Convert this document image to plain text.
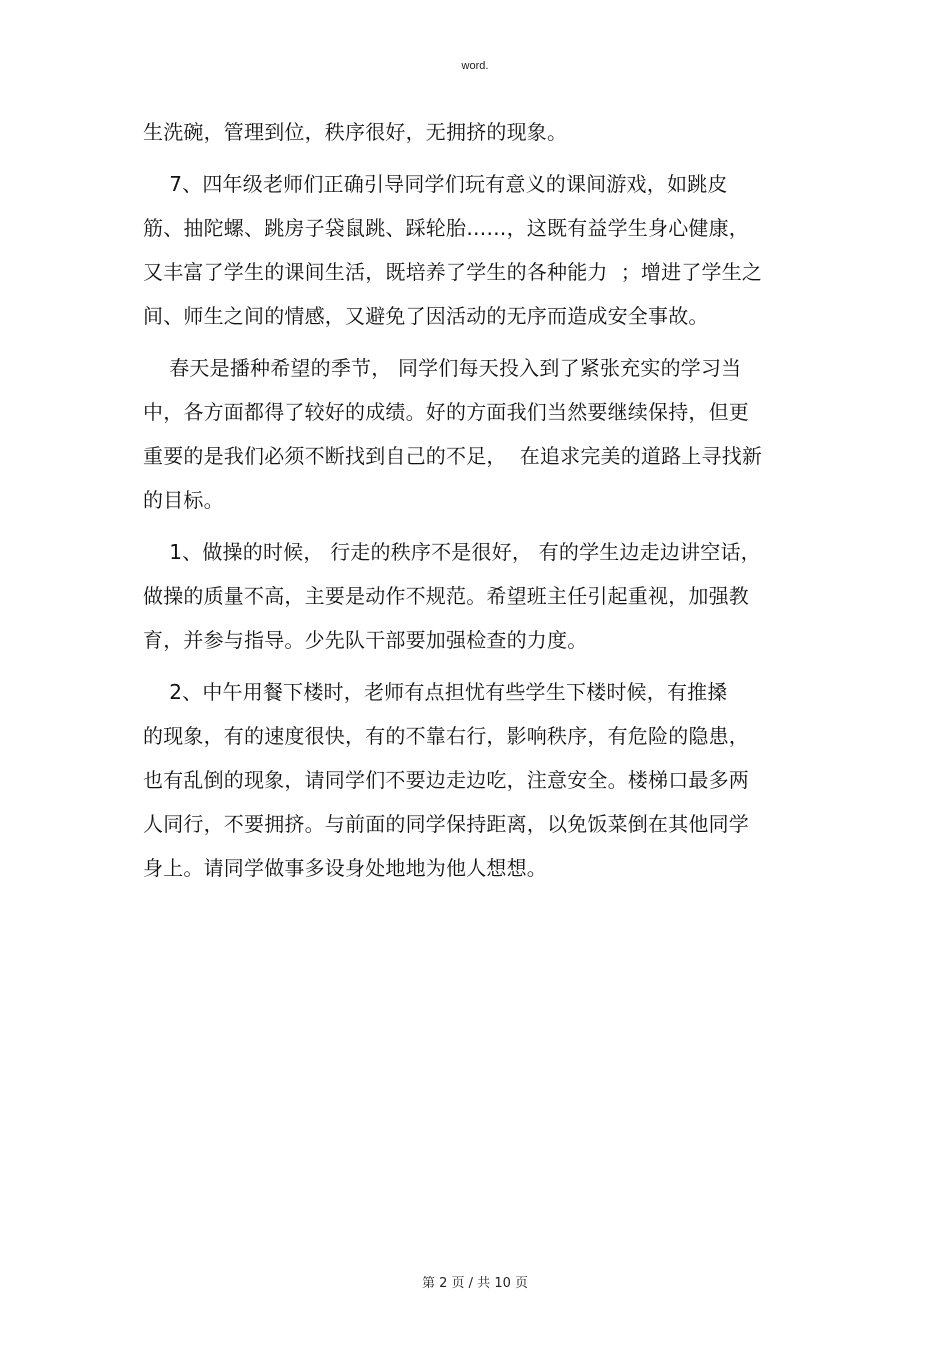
word.
生洗碗，管理到位，秩序很好，无拥挤的现象。
7、四年级老师们正确引导同学们玩有意义的课间游戏，如跳皮
筋、抽陀螺、跳房子袋鼠跳、踩轮胎……，这既有益学生身心健康，
又丰富了学生的课间生活，既培养了学生的各种能力  ；增进了学生之
间、师生之间的情感，又避免了因活动的无序而造成安全事故。
春天是播种希望的季节， 同学们每天投入到了紧张充实的学习当
中，各方面都得了较好的成绩。好的方面我们当然要继续保持，但更
重要的是我们必须不断找到自己的不足，  在追求完美的道路上寻找新
的目标。
1、做操的时候， 行走的秩序不是很好， 有的学生边走边讲空话，
做操的质量不高，主要是动作不规范。希望班主任引起重视，加强教
育，并参与指导。少先队干部要加强检查的力度。
2、中午用餐下楼时，老师有点担忧有些学生下楼时候，有推搡
的现象，有的速度很快，有的不靠右行，影响秩序，有危险的隐患，
也有乱倒的现象，请同学们不要边走边吃，注意安全。楼梯口最多两
人同行，不要拥挤。与前面的同学保持距离，以免饭菜倒在其他同学
身上。请同学做事多设身处地地为他人想想。
第 2 页 / 共 10 页
